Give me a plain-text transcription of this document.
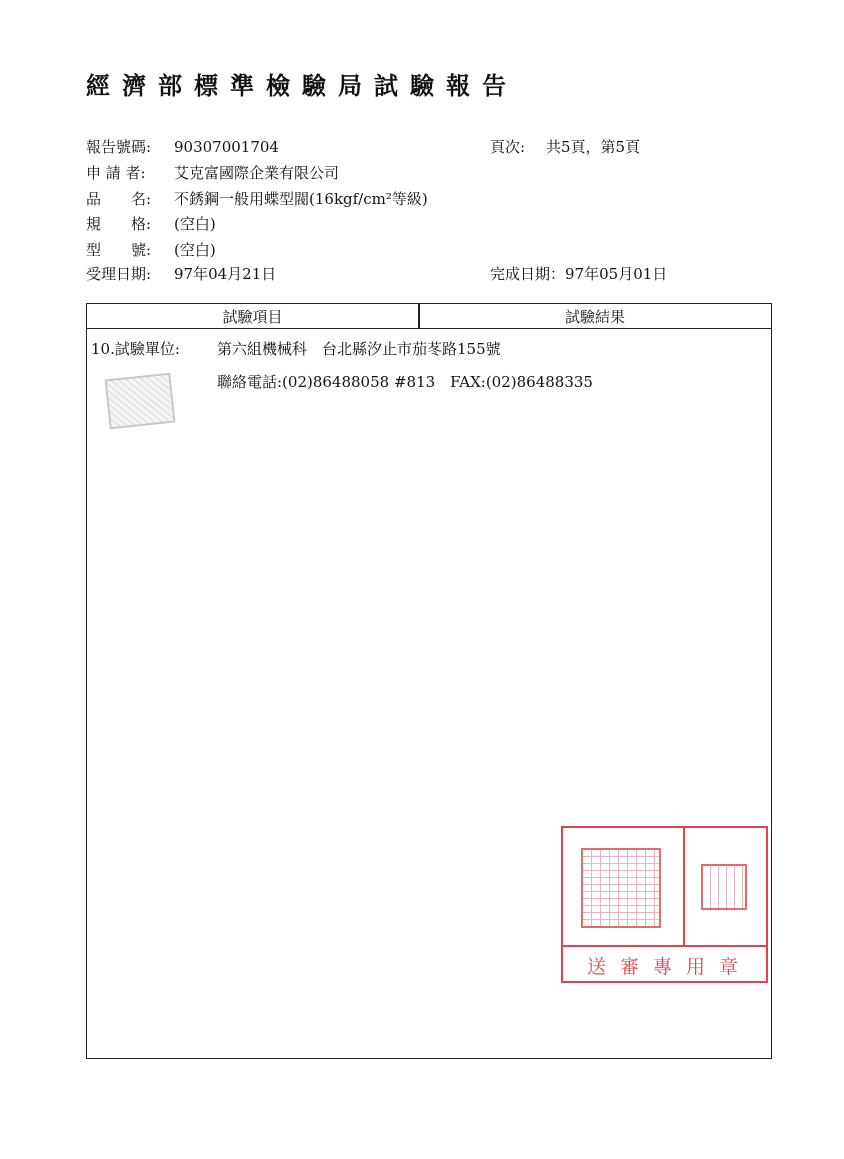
經濟部標準檢驗局試驗報告
報告號碼: 90307001704	頁次: 共5頁，第5頁
申 請 者: 艾克富國際企業有限公司
品　　名: 不銹鋼一般用蝶型閥(16kgf/cm²等級)
規　　格: (空白)
型　　號: (空白)
受理日期: 97年04月21日	完成日期：97年05月01日
試驗項目	試驗結果
10.試驗單位: 第六組機械科　台北縣汐止市茄苳路155號
聯絡電話:(02)86488058 #813　FAX:(02)86488335
送審專用章
